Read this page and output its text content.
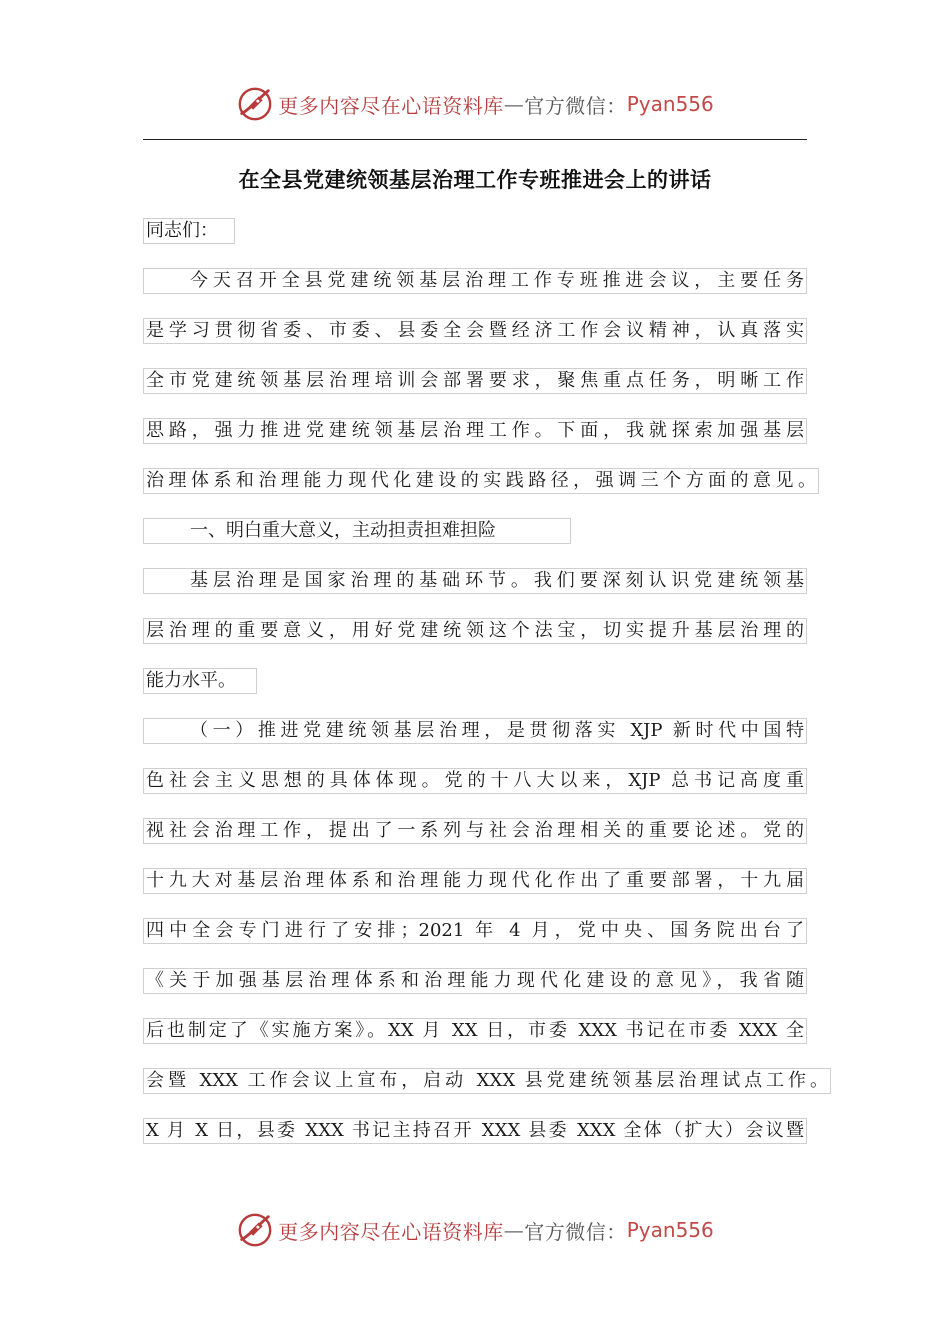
更多内容尽在心语资料库 — 官方微信： Pyan556
在全县党建统领基层治理工作专班推进会上的讲话
同志们：
今天召开全县党建统领基层治理工作专班推进会议，主要任务
是学习贯彻省委、市委、县委全会暨经济工作会议精神，认真落实
全市党建统领基层治理培训会部署要求，聚焦重点任务，明晰工作
思路，强力推进党建统领基层治理工作。下面，我就探索加强基层
治理体系和治理能力现代化建设的实践路径，强调三个方面的意见。
一、明白重大意义，主动担责担难担险
基层治理是国家治理的基础环节。我们要深刻认识党建统领基
层治理的重要意义，用好党建统领这个法宝，切实提升基层治理的
能力水平。
（一）推进党建统领基层治理，是贯彻落实 XJP 新时代中国特
色社会主义思想的具体体现。党的十八大以来，XJP 总书记高度重
视社会治理工作，提出了一系列与社会治理相关的重要论述。党的
十九大对基层治理体系和治理能力现代化作出了重要部署，十九届
四中全会专门进行了安排；2021 年 4 月，党中央、国务院出台了
《关于加强基层治理体系和治理能力现代化建设的意见》，我省随
后也制定了《实施方案》。XX 月 XX 日，市委 XXX 书记在市委 XXX 全
会暨 XXX 工作会议上宣布，启动 XXX 县党建统领基层治理试点工作。
X 月 X 日，县委 XXX 书记主持召开 XXX 县委 XXX 全体（扩大）会议暨
更多内容尽在心语资料库 — 官方微信： Pyan556
